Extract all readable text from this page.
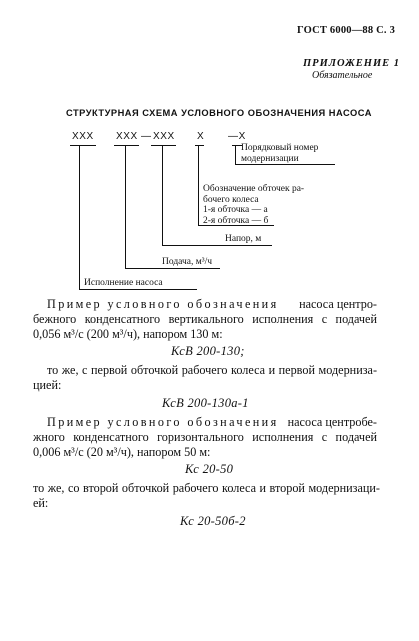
ГОСТ 6000—88 С. 3
ПРИЛОЖЕНИЕ 1
Обязательное
СТРУКТУРНАЯ СХЕМА УСЛОВНОГО ОБОЗНАЧЕНИЯ НАСОСА
XXX XXX — XXX X —X
Порядковый номер
модернизации
Обозначение обточек ра-
бочего колеса
1-я обточка — а
2-я обточка — б
Напор, м
Подача, м³/ч
Исполнение насоса
Пример условного обозначения насоса центро-
бежного конденсатного вертикального исполнения с подачей
0,056 м³/с (200 м³/ч), напором 130 м:
КсВ 200-130;
то же, с первой обточкой рабочего колеса и первой модерниза-
цией:
КсВ 200-130а-1
Пример условного обозначения насоса центробе-
жного конденсатного горизонтального исполнения с подачей
0,006 м³/с (20 м³/ч), напором 50 м:
Кс 20-50
то же, со второй обточкой рабочего колеса и второй модернизаци-
ей:
Кс 20-50б-2
